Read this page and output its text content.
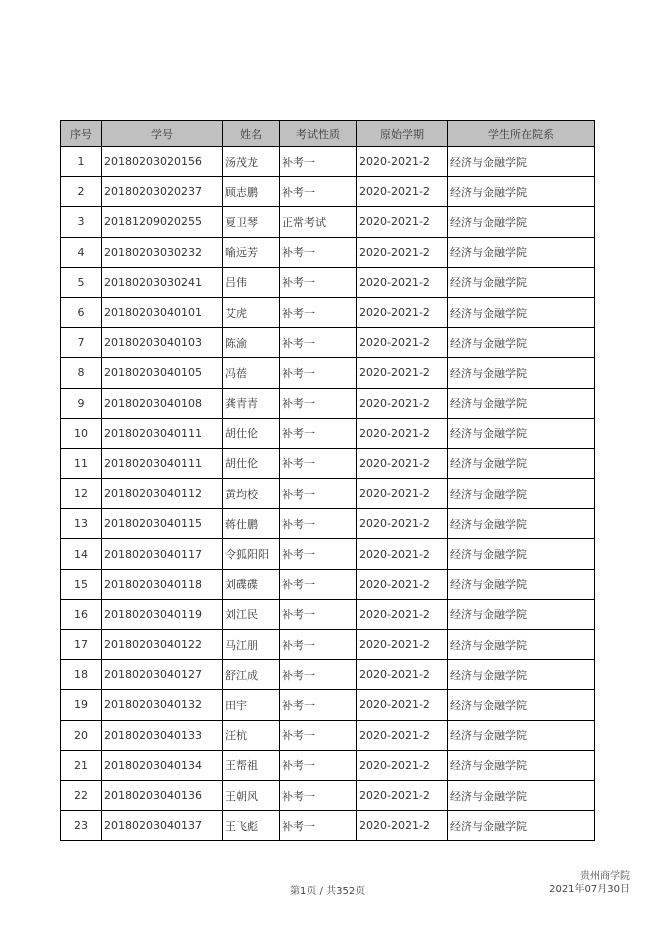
序号	学号	姓名	考试性质	原始学期	学生所在院系
1	20180203020156	汤茂龙	补考一	2020-2021-2	经济与金融学院
2	20180203020237	顾志鹏	补考一	2020-2021-2	经济与金融学院
3	20181209020255	夏卫琴	正常考试	2020-2021-2	经济与金融学院
4	20180203030232	喻远芳	补考一	2020-2021-2	经济与金融学院
5	20180203030241	吕伟	补考一	2020-2021-2	经济与金融学院
6	20180203040101	艾虎	补考一	2020-2021-2	经济与金融学院
7	20180203040103	陈渝	补考一	2020-2021-2	经济与金融学院
8	20180203040105	冯蓓	补考一	2020-2021-2	经济与金融学院
9	20180203040108	龚青青	补考一	2020-2021-2	经济与金融学院
10	20180203040111	胡仕伦	补考一	2020-2021-2	经济与金融学院
11	20180203040111	胡仕伦	补考一	2020-2021-2	经济与金融学院
12	20180203040112	黄均校	补考一	2020-2021-2	经济与金融学院
13	20180203040115	蒋仕鹏	补考一	2020-2021-2	经济与金融学院
14	20180203040117	令狐阳阳	补考一	2020-2021-2	经济与金融学院
15	20180203040118	刘碟碟	补考一	2020-2021-2	经济与金融学院
16	20180203040119	刘江民	补考一	2020-2021-2	经济与金融学院
17	20180203040122	马江朋	补考一	2020-2021-2	经济与金融学院
18	20180203040127	舒江成	补考一	2020-2021-2	经济与金融学院
19	20180203040132	田宇	补考一	2020-2021-2	经济与金融学院
20	20180203040133	汪杭	补考一	2020-2021-2	经济与金融学院
21	20180203040134	王帮祖	补考一	2020-2021-2	经济与金融学院
22	20180203040136	王朝风	补考一	2020-2021-2	经济与金融学院
23	20180203040137	王飞彪	补考一	2020-2021-2	经济与金融学院
第1页 / 共352页
贵州商学院
2021年07月30日
